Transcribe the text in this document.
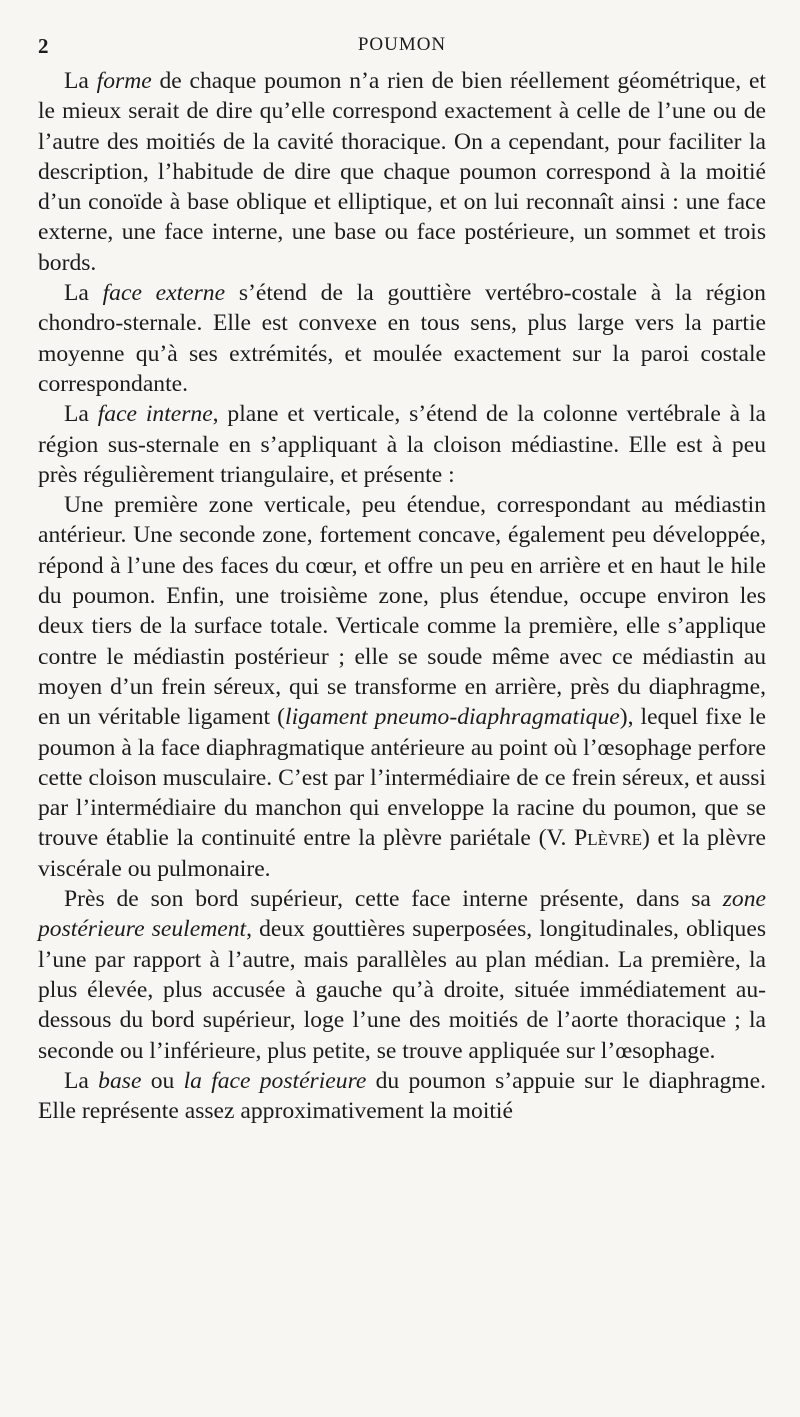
2	POUMON

La forme de chaque poumon n’a rien de bien réellement géométrique, et le mieux serait de dire qu’elle correspond exactement à celle de l’une ou de l’autre des moitiés de la cavité thoracique. On a cependant, pour faciliter la description, l’habitude de dire que chaque poumon correspond à la moitié d’un conoïde à base oblique et elliptique, et on lui reconnaît ainsi : une face externe, une face interne, une base ou face postérieure, un sommet et trois bords.

La face externe s’étend de la gouttière vertébro-costale à la région chondro-sternale. Elle est convexe en tous sens, plus large vers la partie moyenne qu’à ses extrémités, et moulée exactement sur la paroi costale correspondante.

La face interne, plane et verticale, s’étend de la colonne vertébrale à la région sus-sternale en s’appliquant à la cloison médiastine. Elle est à peu près régulièrement triangulaire, et présente :

Une première zone verticale, peu étendue, correspondant au médiastin antérieur. Une seconde zone, fortement concave, également peu développée, répond à l’une des faces du cœur, et offre un peu en arrière et en haut le hile du poumon. Enfin, une troisième zone, plus étendue, occupe environ les deux tiers de la surface totale. Verticale comme la première, elle s’applique contre le médiastin postérieur ; elle se soude même avec ce médiastin au moyen d’un frein séreux, qui se transforme en arrière, près du diaphragme, en un véritable ligament (ligament pneumo-diaphragmatique), lequel fixe le poumon à la face diaphragmatique antérieure au point où l’œsophage perfore cette cloison musculaire. C’est par l’intermédiaire de ce frein séreux, et aussi par l’intermédiaire du manchon qui enveloppe la racine du poumon, que se trouve établie la continuité entre la plèvre pariétale (V. Plèvre) et la plèvre viscérale ou pulmonaire.

Près de son bord supérieur, cette face interne présente, dans sa zone postérieure seulement, deux gouttières superposées, longitudinales, obliques l’une par rapport à l’autre, mais parallèles au plan médian. La première, la plus élevée, plus accusée à gauche qu’à droite, située immédiatement au-dessous du bord supérieur, loge l’une des moitiés de l’aorte thoracique ; la seconde ou l’inférieure, plus petite, se trouve appliquée sur l’œsophage.

La base ou la face postérieure du poumon s’appuie sur le diaphragme. Elle représente assez approximativement la moitié
